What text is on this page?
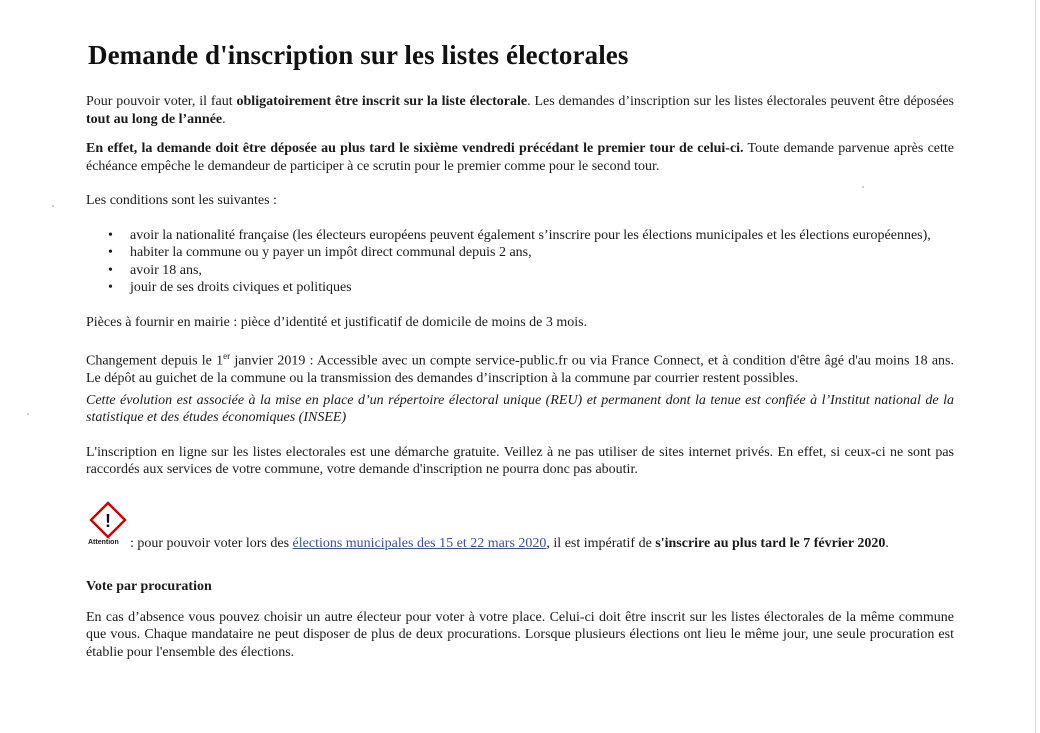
Demande d'inscription sur les listes électorales

Pour pouvoir voter, il faut obligatoirement être inscrit sur la liste électorale. Les demandes d’inscription sur les listes électorales peuvent être déposées tout au long de l’année.

En effet, la demande doit être déposée au plus tard le sixième vendredi précédant le premier tour de celui-ci. Toute demande parvenue après cette échéance empêche le demandeur de participer à ce scrutin pour le premier comme pour le second tour.

Les conditions sont les suivantes :

• avoir la nationalité française (les électeurs européens peuvent également s’inscrire pour les élections municipales et les élections européennes),
• habiter la commune ou y payer un impôt direct communal depuis 2 ans,
• avoir 18 ans,
• jouir de ses droits civiques et politiques

Pièces à fournir en mairie : pièce d’identité et justificatif de domicile de moins de 3 mois.

Changement depuis le 1er janvier 2019 : Accessible avec un compte service-public.fr ou via France Connect, et à condition d'être âgé d'au moins 18 ans. Le dépôt au guichet de la commune ou la transmission des demandes d’inscription à la commune par courrier restent possibles.

Cette évolution est associée à la mise en place d’un répertoire électoral unique (REU) et permanent dont la tenue est confiée à l’Institut national de la statistique et des études économiques (INSEE)

L'inscription en ligne sur les listes electorales est une démarche gratuite. Veillez à ne pas utiliser de sites internet privés. En effet, si ceux-ci ne sont pas raccordés aux services de votre commune, votre demande d'inscription ne pourra donc pas aboutir.

!
Attention : pour pouvoir voter lors des élections municipales des 15 et 22 mars 2020, il est impératif de s'inscrire au plus tard le 7 février 2020.
Vote par procuration

En cas d’absence vous pouvez choisir un autre électeur pour voter à votre place. Celui-ci doit être inscrit sur les listes électorales de la même commune que vous. Chaque mandataire ne peut disposer de plus de deux procurations. Lorsque plusieurs élections ont lieu le même jour, une seule procuration est établie pour l'ensemble des élections.
